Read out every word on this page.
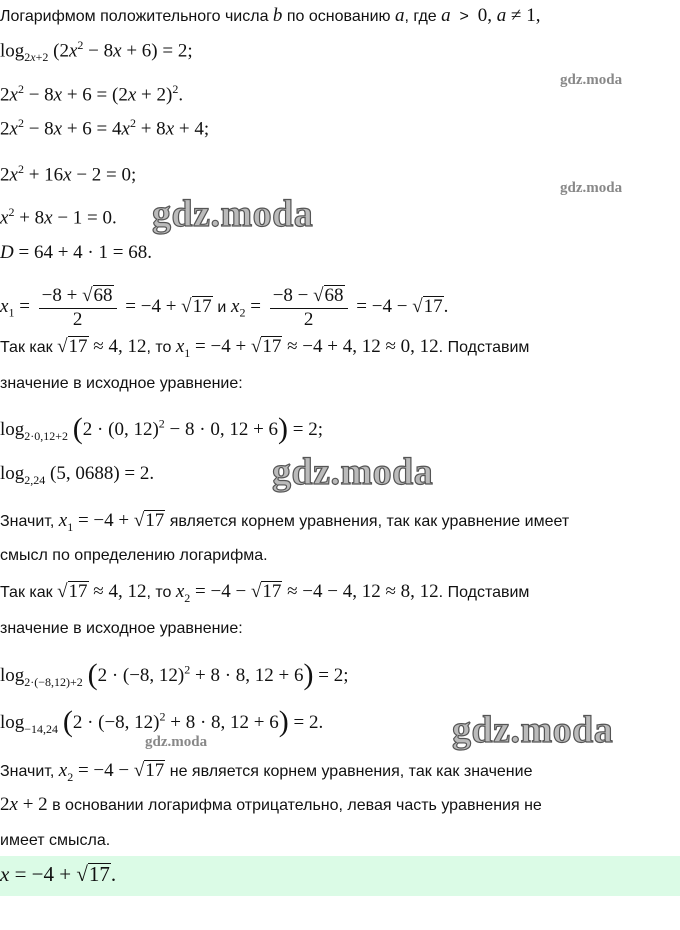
Логарифмом положительного числа b по основанию a, где a  >  0, a ≠ 1,
$\log_{2x+2} (2x^2 - 8x + 6) = 2$;
$2x^2 - 8x + 6 = (2x + 2)^2$.
$2x^2 - 8x + 6 = 4x^2 + 8x + 4$;
$2x^2 + 16x - 2 = 0$;
$x^2 + 8x - 1 = 0$.
D = 64 + 4 · 1 = 68.
$x_1 = \frac{-8 + √68}{2} = -4 + √17$ и $x_2 = \frac{-8 - √68}{2} = -4 - √17$.
Так как √17 ≈ 4, 12, то $x_1 = -4 + √17 \approx -4 + 4$, 12 ≈ 0, 12. Подставим
значение в исходное уравнение:
$\log_{2\cdot 0,12+2} (2 \cdot (0$, 12)$^2$ − 8 · 0, 12 + 6) = 2;
$\log_{2,24} (5$, 0688) = 2.
Значит, $x_1 = -4 + √17$ является корнем уравнения, так как уравнение имеет
смысл по определению логарифма.
Так как √17 ≈ 4, 12, то $x_2 = -4 - √17 \approx -4 - 4$, 12 ≈ 8, 12. Подставим
значение в исходное уравнение:
$\log_{2\cdot(-8,12)+2} (2 \cdot (-8$, 12)$^2$ + 8 · 8, 12 + 6) = 2;
$\log_{-14,24} (2 \cdot (-8$, 12)$^2$ + 8 · 8, 12 + 6) = 2.
Значит, $x_2 = -4 - √17$ не является корнем уравнения, так как значение
2x + 2 в основании логарифма отрицательно, левая часть уравнения не
имеет смысла.
x = −4 + √17.
gdz.moda
gdz.moda
gdz.moda
gdz.moda
gdz.moda
gdz.moda
